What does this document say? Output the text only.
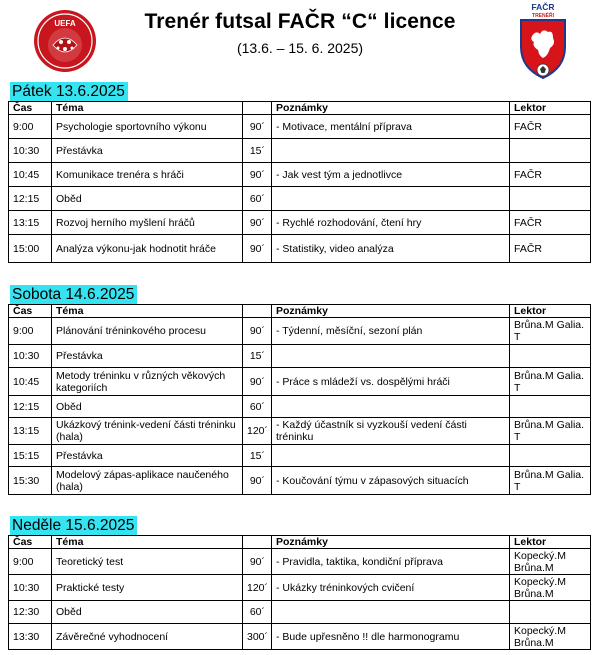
UEFA	Trenér futsal FAČR “C“ licence
(13.6. – 15. 6. 2025)
FAČR
TRENÉŘI
Pátek 13.6.2025
Čas	Téma		Poznámky	Lektor
9:00	Psychologie sportovního výkonu	90´	- Motivace, mentální příprava	FAČR
10:30	Přestávka	15´		
10:45	Komunikace trenéra s hráči	90´	- Jak vest tým a jednotlivce	FAČR
12:15	Oběd	60´		
13:15	Rozvoj herního myšlení hráčů	90´	- Rychlé rozhodování, čtení hry	FAČR
15:00	Analýza výkonu-jak hodnotit hráče	90´	- Statistiky, video analýza	FAČR
Sobota 14.6.2025
Čas	Téma		Poznámky	Lektor
9:00	Plánování tréninkového procesu	90´	- Týdenní, měsíční, sezoní plán	Brůna.M Galia. T
10:30	Přestávka	15´		
10:45	Metody tréninku v různých věkových kategoriích	90´	- Práce s mládeží vs. dospělými hráči	Brůna.M Galia. T
12:15	Oběd	60´		
13:15	Ukázkový trénink-vedení části tréninku (hala)	120´	- Každý účastník si vyzkouší vedení části tréninku	Brůna.M Galia. T
15:15	Přestávka	15´		
15:30	Modelový zápas-aplikace naučeného (hala)	90´	- Koučování týmu v zápasových situacích	Brůna.M Galia. T
Neděle 15.6.2025
Čas	Téma		Poznámky	Lektor
9:00	Teoretický test	90´	- Pravidla, taktika, kondiční příprava	Kopecký.M Brůna.M
10:30	Praktické testy	120´	- Ukázky tréninkových cvičení	Kopecký.M Brůna.M
12:30	Oběd	60´		
13:30	Závěrečné vyhodnocení	300´	- Bude upřesněno !! dle harmonogramu	Kopecký.M Brůna.M
